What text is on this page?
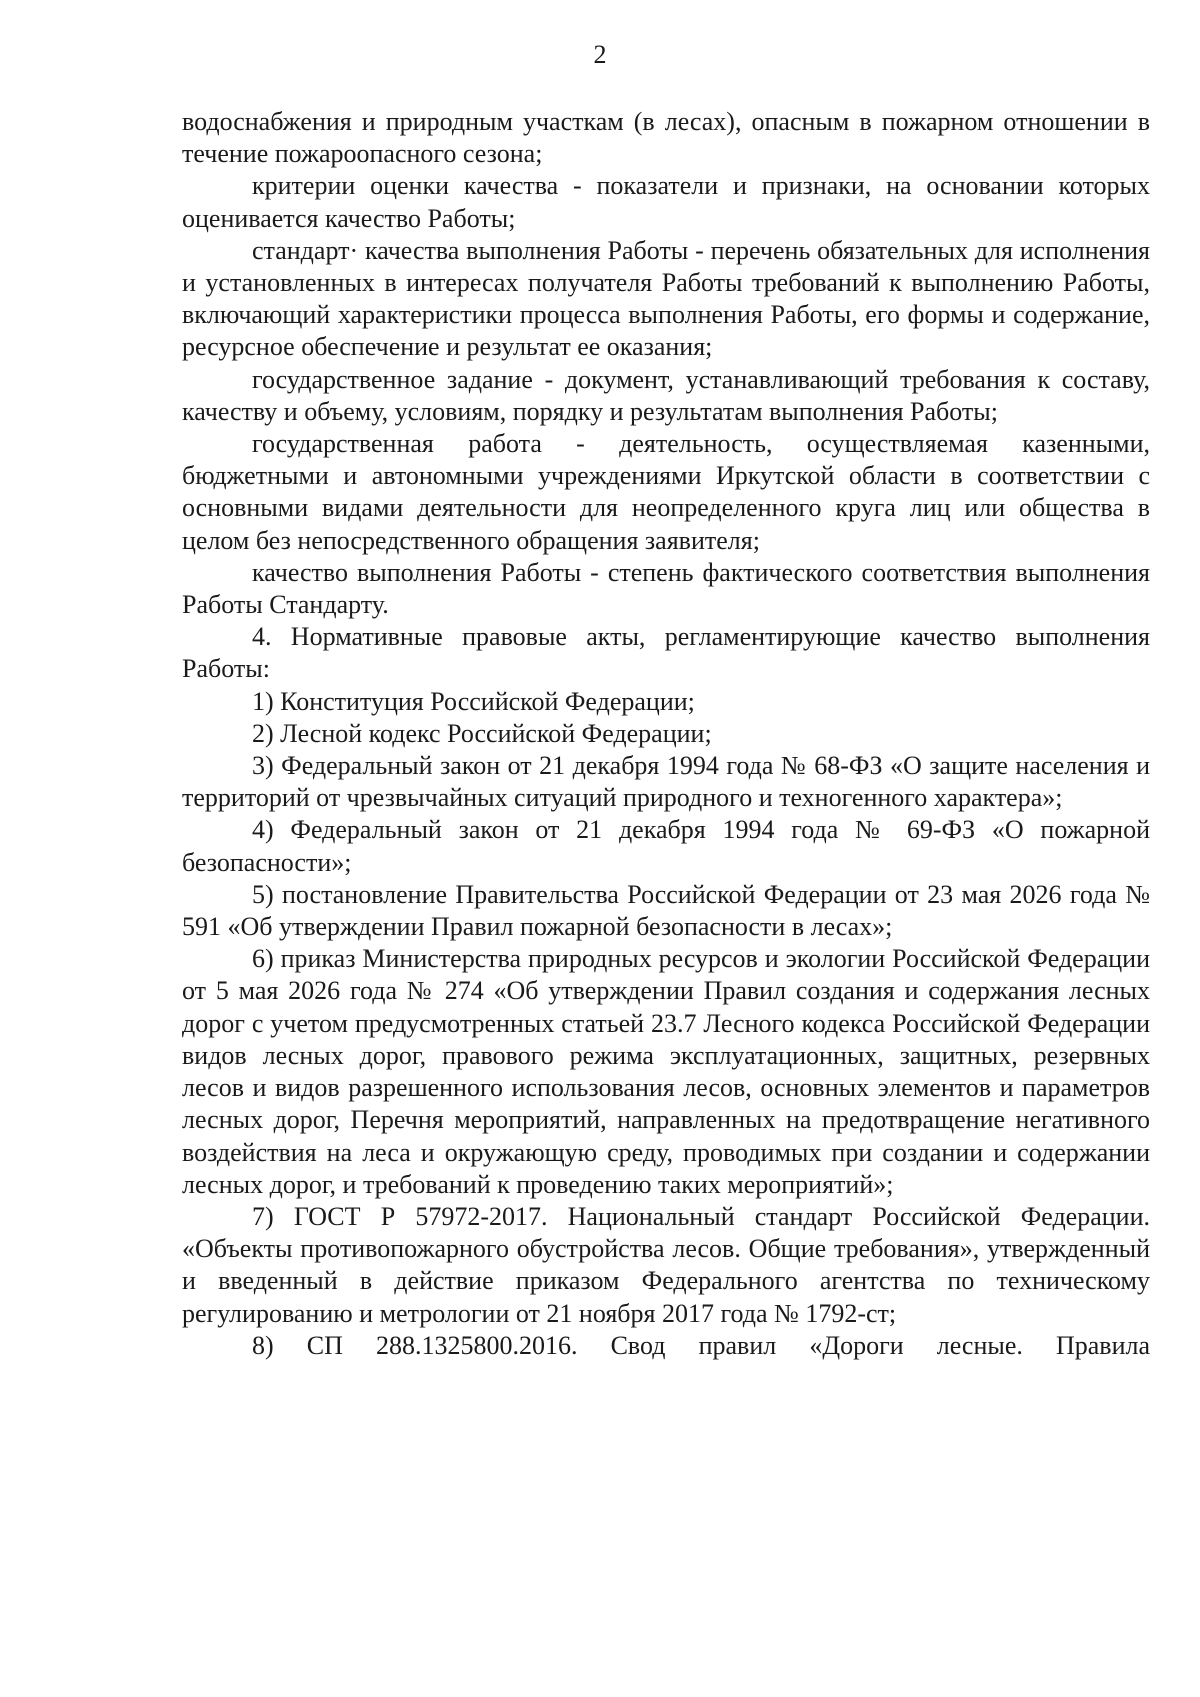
2

водоснабжения и природным участкам (в лесах), опасным в пожарном отношении в течение пожароопасного сезона;

критерии оценки качества - показатели и признаки, на основании которых оценивается качество Работы;

стандарт· качества выполнения Работы - перечень обязательных для исполнения и установленных в интересах получателя Работы требований к выполнению Работы, включающий характеристики процесса выполнения Работы, его формы и содержание, ресурсное обеспечение и результат ее оказания;

государственное задание - документ, устанавливающий требования к составу, качеству и объему, условиям, порядку и результатам выполнения Работы;

государственная работа - деятельность, осуществляемая казенными, бюджетными и автономными учреждениями Иркутской области в соответствии с основными видами деятельности для неопределенного круга лиц или общества в целом без непосредственного обращения заявителя;

качество выполнения Работы - степень фактического соответствия выполнения Работы Стандарту.

4. Нормативные правовые акты, регламентирующие качество выполнения Работы:

1) Конституция Российской Федерации;

2) Лесной кодекс Российской Федерации;

3) Федеральный закон от 21 декабря 1994 года № 68-ФЗ «О защите населения и территорий от чрезвычайных ситуаций природного и техногенного характера»;

4) Федеральный закон от 21 декабря 1994 года № 69-ФЗ «О пожарной безопасности»;

5) постановление Правительства Российской Федерации от 23 мая 2026 года № 591 «Об утверждении Правил пожарной безопасности в лесах»;

6) приказ Министерства природных ресурсов и экологии Российской Федерации от 5 мая 2026 года № 274 «Об утверждении Правил создания и содержания лесных дорог с учетом предусмотренных статьей 23.7 Лесного кодекса Российской Федерации видов лесных дорог, правового режима эксплуатационных, защитных, резервных лесов и видов разрешенного использования лесов, основных элементов и параметров лесных дорог, Перечня мероприятий, направленных на предотвращение негативного воздействия на леса и окружающую среду, проводимых при создании и содержании лесных дорог, и требований к проведению таких мероприятий»;

7) ГОСТ Р 57972-2017. Национальный стандарт Российской Федерации. «Объекты противопожарного обустройства лесов. Общие требования», утвержденный и введенный в действие приказом Федерального агентства по техническому регулированию и метрологии от 21 ноября 2017 года № 1792-ст;

8) СП 288.1325800.2016. Свод правил «Дороги лесные. Правила
